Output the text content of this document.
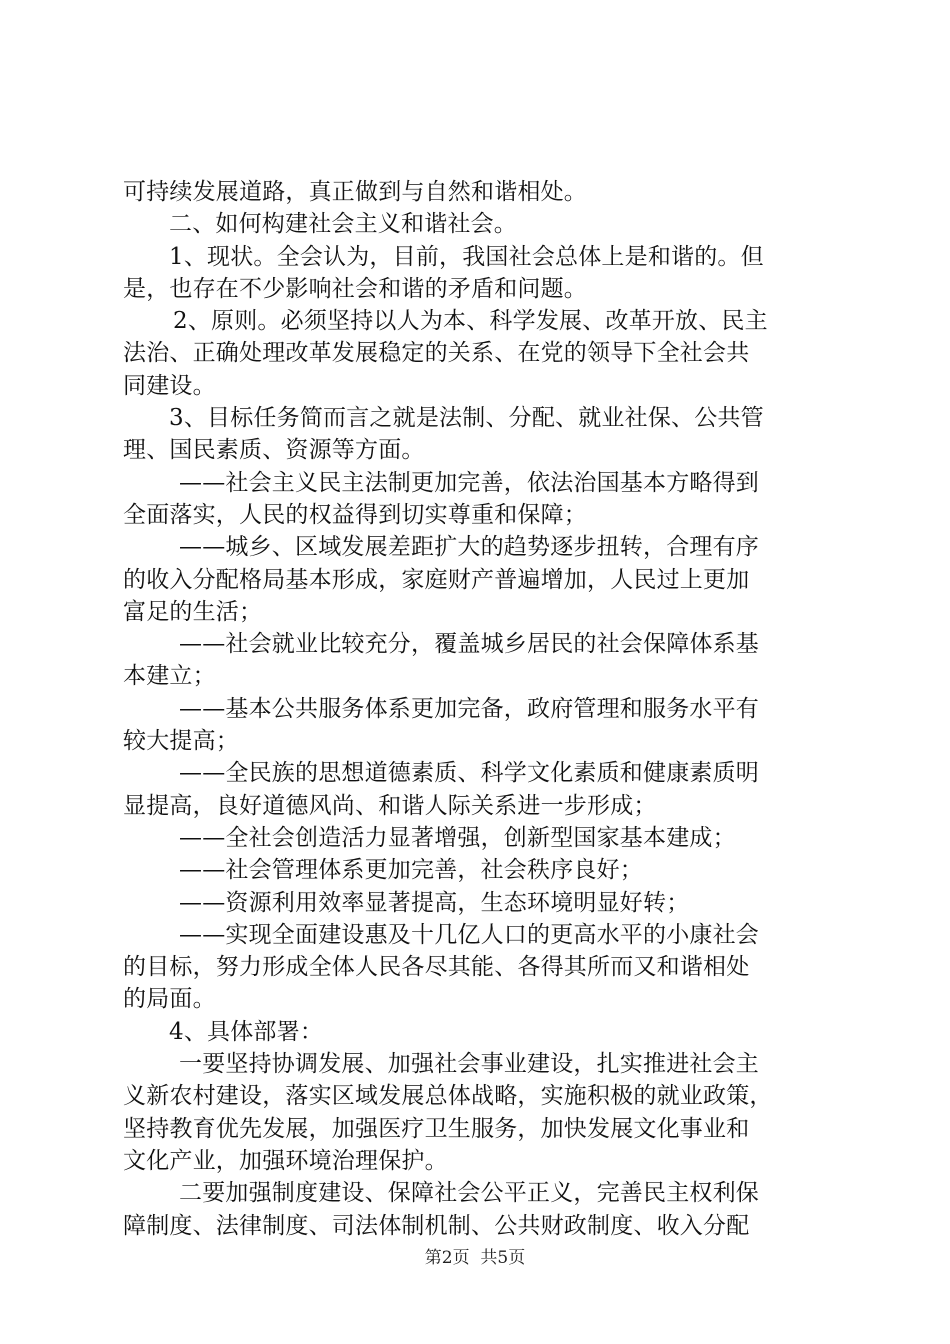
可持续发展道路，真正做到与自然和谐相处。
二、如何构建社会主义和谐社会。
1、现状。全会认为，目前，我国社会总体上是和谐的。但
是，也存在不少影响社会和谐的矛盾和问题。
2、原则。必须坚持以人为本、科学发展、改革开放、民主
法治、正确处理改革发展稳定的关系、在党的领导下全社会共
同建设。
3、目标任务简而言之就是法制、分配、就业社保、公共管
理、国民素质、资源等方面。
——社会主义民主法制更加完善，依法治国基本方略得到
全面落实，人民的权益得到切实尊重和保障；
——城乡、区域发展差距扩大的趋势逐步扭转，合理有序
的收入分配格局基本形成，家庭财产普遍增加，人民过上更加
富足的生活；
——社会就业比较充分，覆盖城乡居民的社会保障体系基
本建立；
——基本公共服务体系更加完备，政府管理和服务水平有
较大提高；
——全民族的思想道德素质、科学文化素质和健康素质明
显提高，良好道德风尚、和谐人际关系进一步形成；
——全社会创造活力显著增强，创新型国家基本建成；
——社会管理体系更加完善，社会秩序良好；
——资源利用效率显著提高，生态环境明显好转；
——实现全面建设惠及十几亿人口的更高水平的小康社会
的目标，努力形成全体人民各尽其能、各得其所而又和谐相处
的局面。
4、具体部署：
一要坚持协调发展、加强社会事业建设，扎实推进社会主
义新农村建设，落实区域发展总体战略，实施积极的就业政策，
坚持教育优先发展，加强医疗卫生服务，加快发展文化事业和
文化产业，加强环境治理保护。
二要加强制度建设、保障社会公平正义，完善民主权利保
障制度、法律制度、司法体制机制、公共财政制度、收入分配
第2页  共5页
